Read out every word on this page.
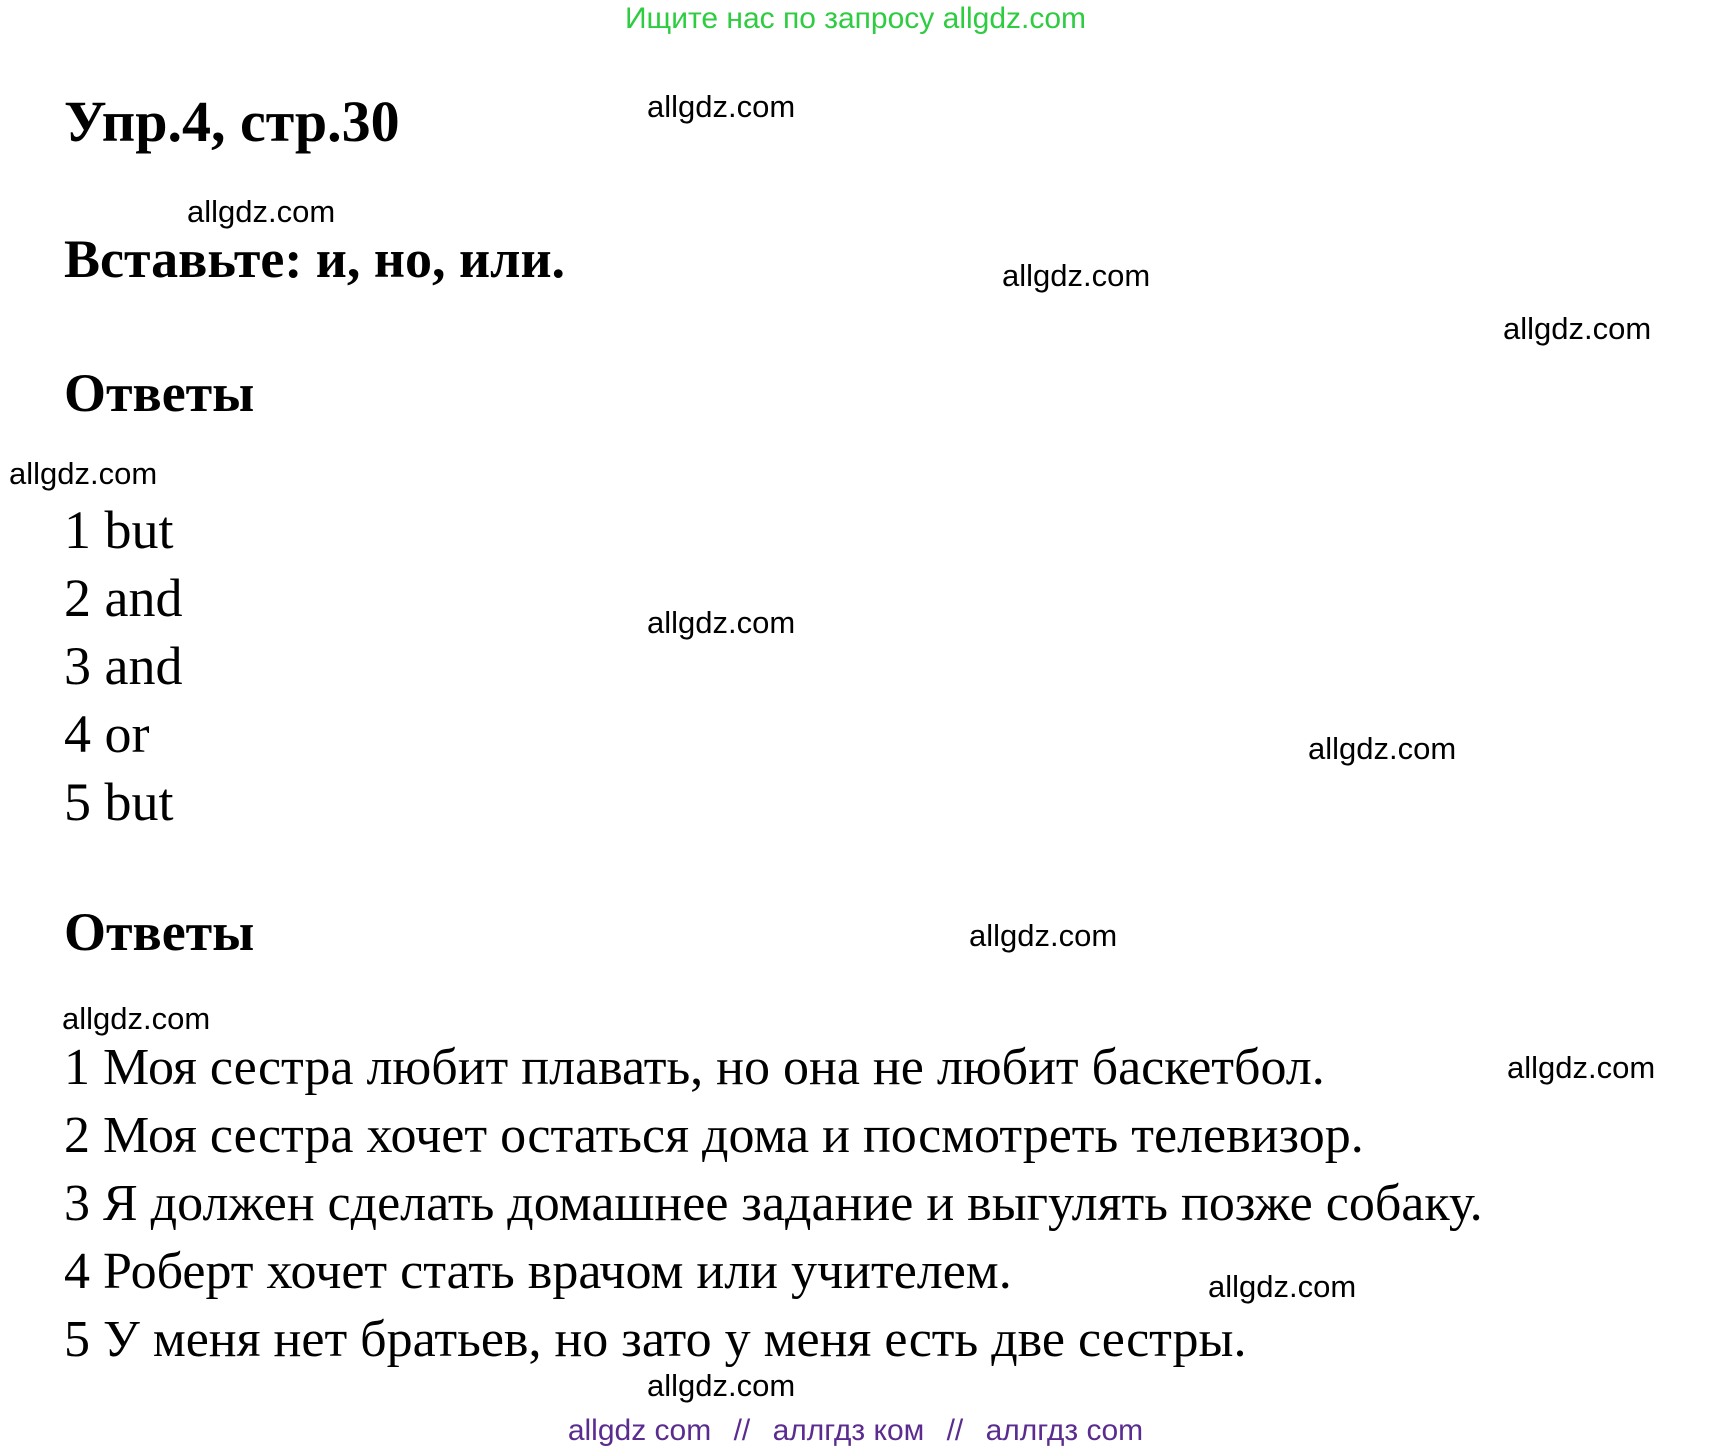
Ищите нас по запросу allgdz.com
Упр.4, стр.30
Вставьте: и, но, или.
Ответы
1 but
2 and
3 and
4 or
5 but
Ответы
1 Моя сестра любит плавать, но она не любит баскетбол.
2 Моя сестра хочет остаться дома и посмотреть телевизор.
3 Я должен сделать домашнее задание и выгулять позже собаку.
4 Роберт хочет стать врачом или учителем.
5 У меня нет братьев, но зато у меня есть две сестры.
allgdz.com
allgdz.com
allgdz.com
allgdz.com
allgdz.com
allgdz.com
allgdz.com
allgdz.com
allgdz.com
allgdz.com
allgdz.com
allgdz.com
allgdz com // аллгдз ком // аллгдз com
